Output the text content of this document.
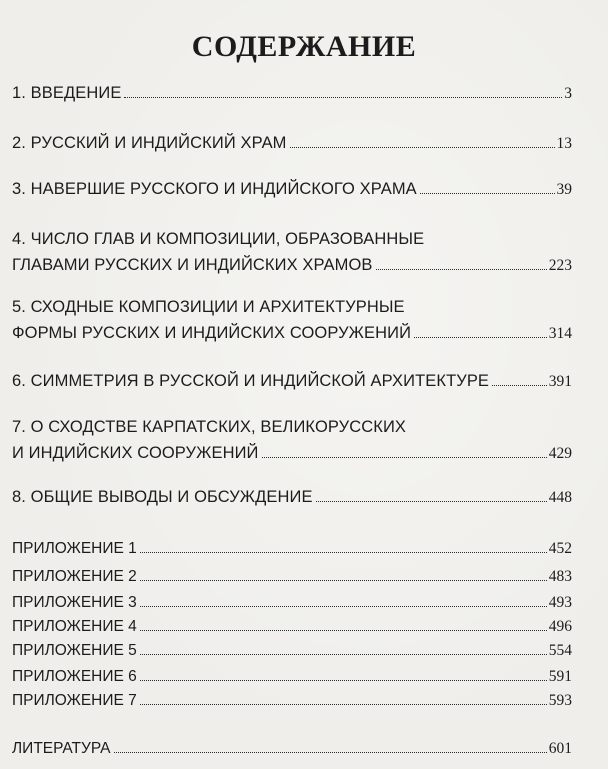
СОДЕРЖАНИЕ
1. ВВЕДЕНИЕ	3
2. РУССКИЙ И ИНДИЙСКИЙ ХРАМ	13
3. НАВЕРШИЕ РУССКОГО И ИНДИЙСКОГО ХРАМА	39
4. ЧИСЛО ГЛАВ И КОМПОЗИЦИИ, ОБРАЗОВАННЫЕ
ГЛАВАМИ РУССКИХ И ИНДИЙСКИХ ХРАМОВ	223
5. СХОДНЫЕ КОМПОЗИЦИИ И АРХИТЕКТУРНЫЕ
ФОРМЫ РУССКИХ И ИНДИЙСКИХ СООРУЖЕНИЙ	314
6. СИММЕТРИЯ В РУССКОЙ И ИНДИЙСКОЙ АРХИТЕКТУРЕ	391
7. О СХОДСТВЕ КАРПАТСКИХ, ВЕЛИКОРУССКИХ
И ИНДИЙСКИХ СООРУЖЕНИЙ	429
8. ОБЩИЕ ВЫВОДЫ И ОБСУЖДЕНИЕ	448
ПРИЛОЖЕНИЕ 1	452
ПРИЛОЖЕНИЕ 2	483
ПРИЛОЖЕНИЕ 3	493
ПРИЛОЖЕНИЕ 4	496
ПРИЛОЖЕНИЕ 5	554
ПРИЛОЖЕНИЕ 6	591
ПРИЛОЖЕНИЕ 7	593
ЛИТЕРАТУРА	601
